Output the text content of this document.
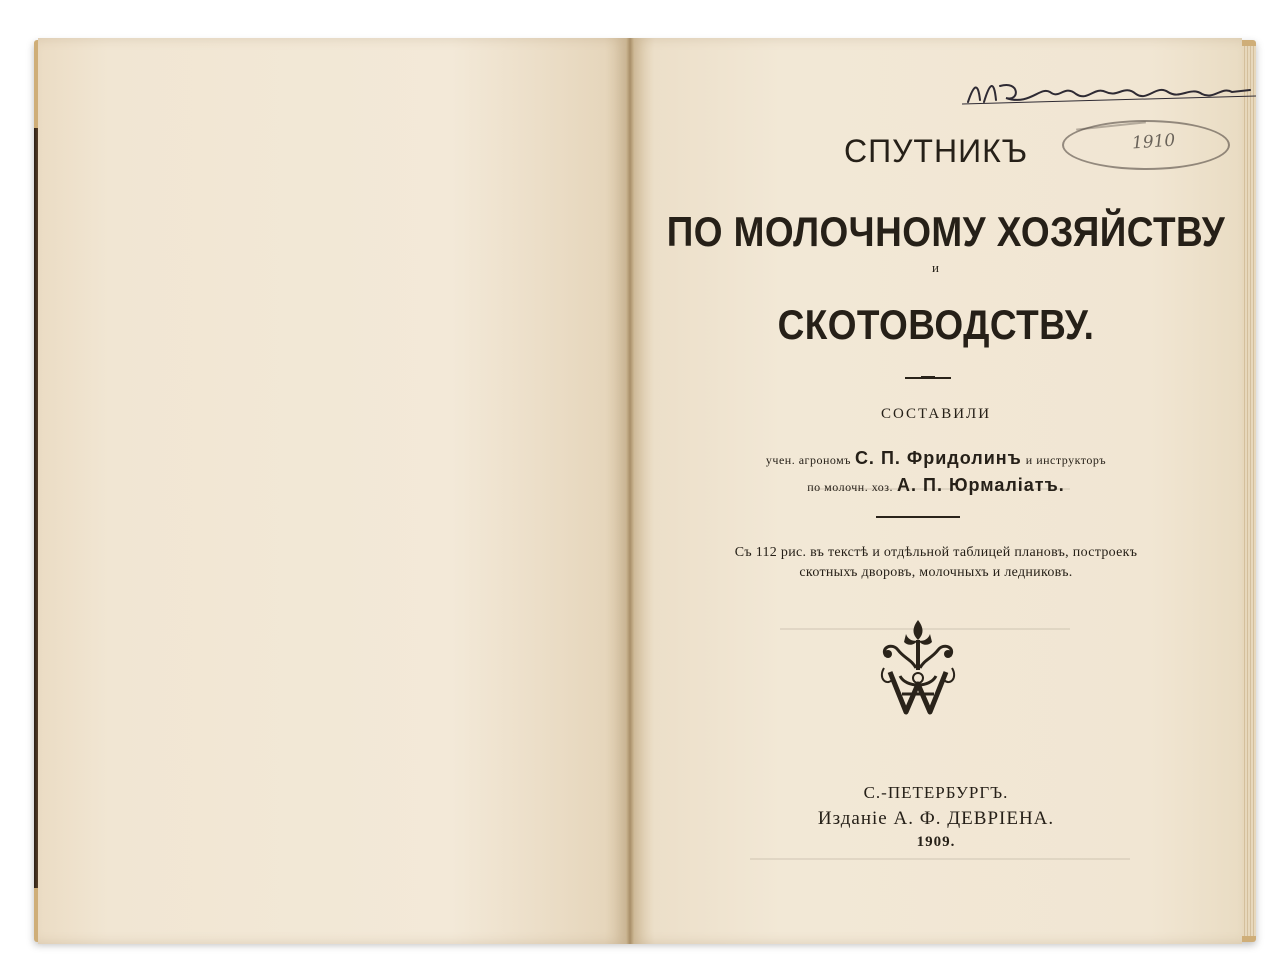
1910
СПУТНИКЪ
ПО МОЛОЧНОМУ ХОЗЯЙСТВУ
и
СКОТОВОДСТВУ.
СОСТАВИЛИ
учен. агрономъ С. П. Фридолинъ и инструкторъ
по молочн. хоз. А. П. Юрмаліатъ.
Съ 112 рис. въ текстѣ и отдѣльной таблицей плановъ, построекъ
скотныхъ дворовъ, молочныхъ и ледниковъ.
С.-ПЕТЕРБУРГЪ.
Изданіе А. Ф. ДЕВРІЕНА.
1909.
